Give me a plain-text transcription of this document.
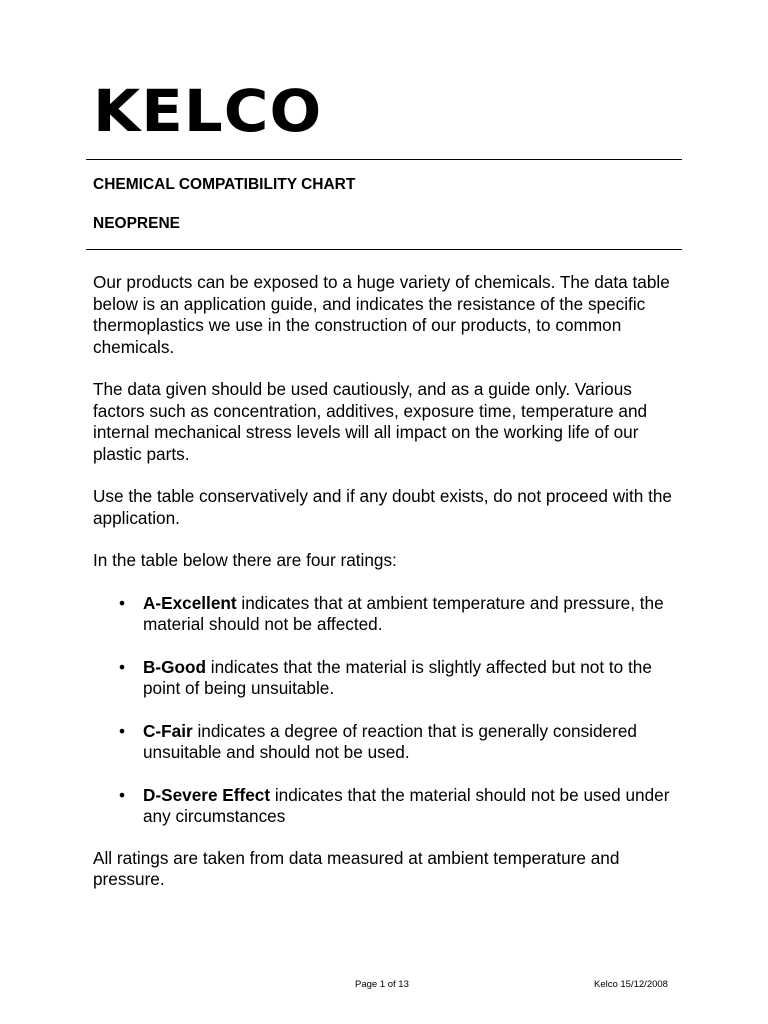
KELCO
CHEMICAL COMPATIBILITY CHART
NEOPRENE

Our products can be exposed to a huge variety of chemicals. The data table below is an application guide, and indicates the resistance of the specific thermoplastics we use in the construction of our products, to common chemicals.

The data given should be used cautiously, and as a guide only. Various factors such as concentration, additives, exposure time, temperature and internal mechanical stress levels will all impact on the working life of our plastic parts.

Use the table conservatively and if any doubt exists, do not proceed with the application.

In the table below there are four ratings:

• A-Excellent indicates that at ambient temperature and pressure, the material should not be affected.
• B-Good indicates that the material is slightly affected but not to the point of being unsuitable.
• C-Fair indicates a degree of reaction that is generally considered unsuitable and should not be used.
• D-Severe Effect indicates that the material should not be used under any circumstances

All ratings are taken from data measured at ambient temperature and pressure.

Page 1 of 13	Kelco 15/12/2008
